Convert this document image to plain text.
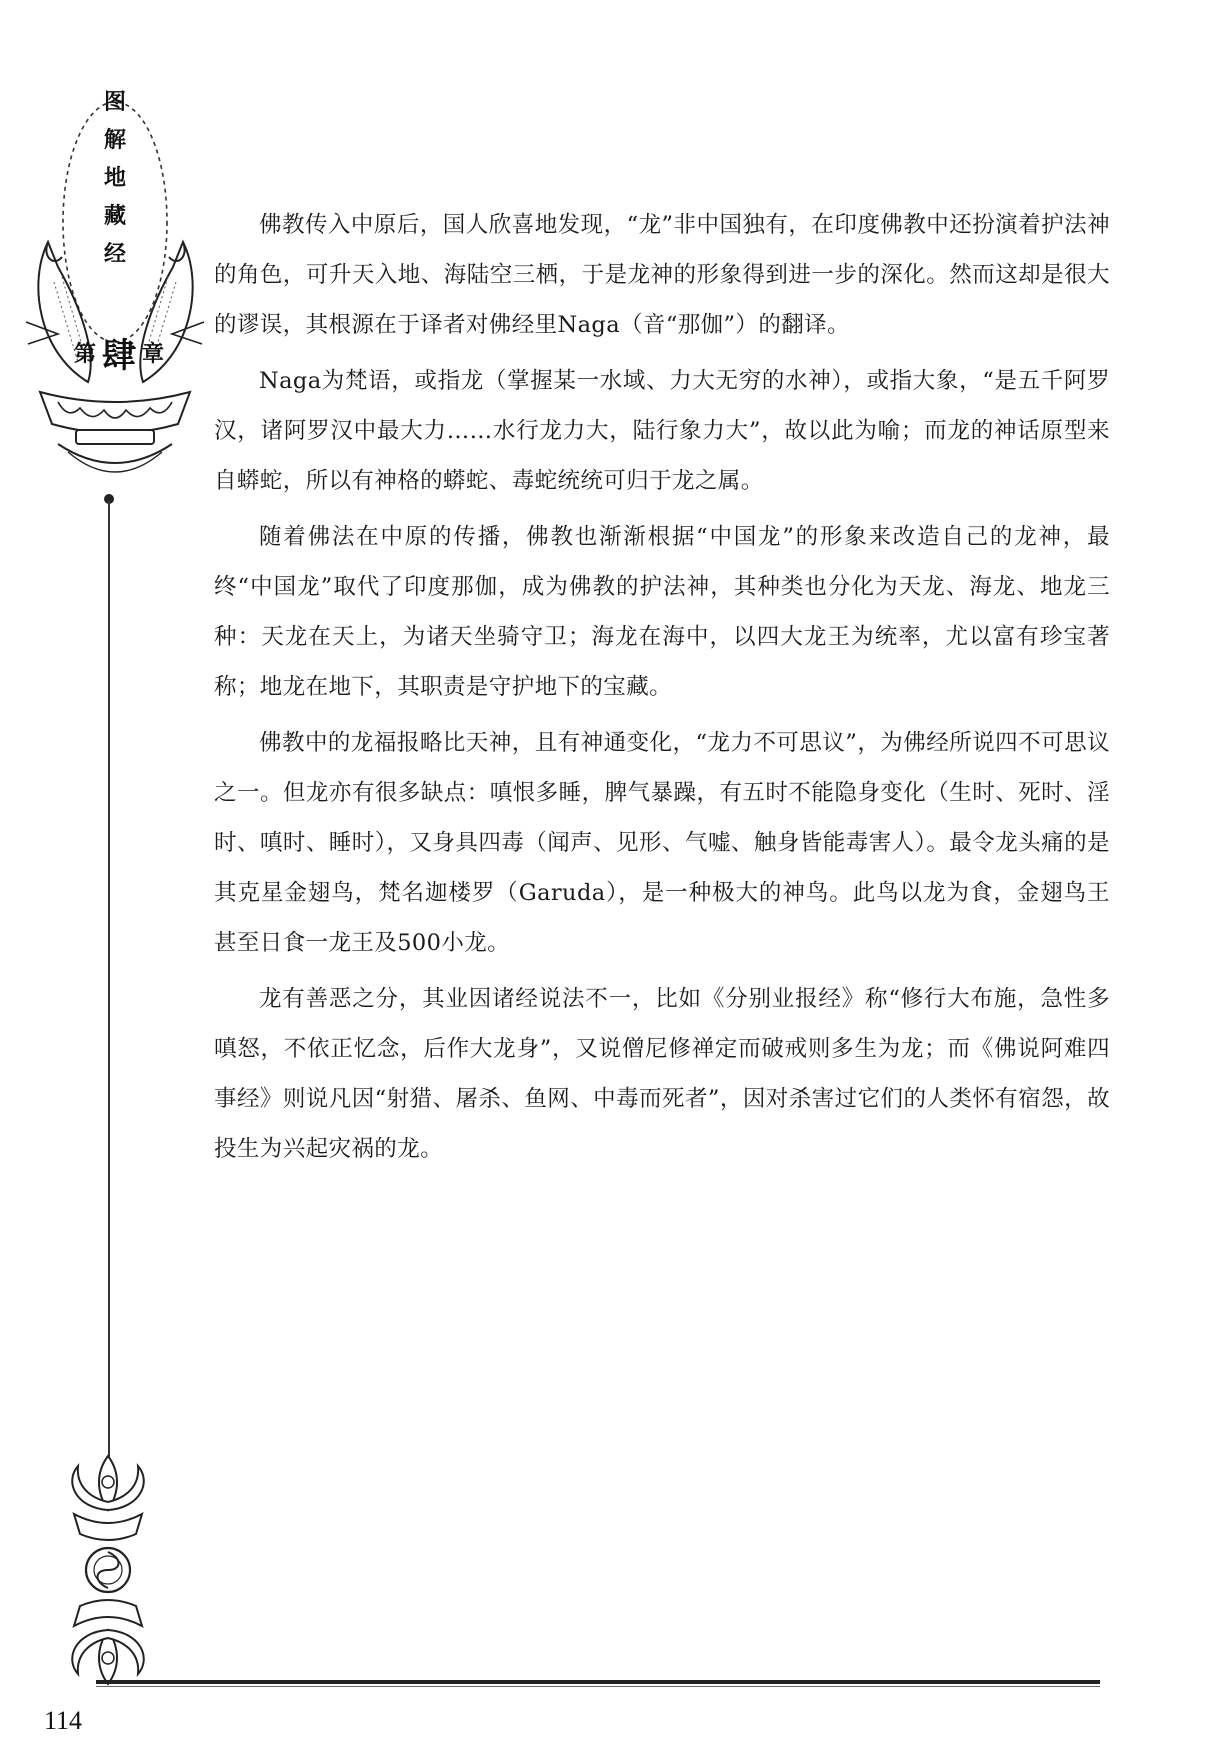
图
解
地
藏
经
第 肆 章

佛教传入中原后，国人欣喜地发现，“龙”非中国独有，在印度佛教中还扮演着护法神的角色，可升天入地、海陆空三栖，于是龙神的形象得到进一步的深化。然而这却是很大的谬误，其根源在于译者对佛经里Naga（音“那伽”）的翻译。

Naga为梵语，或指龙（掌握某一水域、力大无穷的水神），或指大象，“是五千阿罗汉，诸阿罗汉中最大力……水行龙力大，陆行象力大”，故以此为喻；而龙的神话原型来自蟒蛇，所以有神格的蟒蛇、毒蛇统统可归于龙之属。

随着佛法在中原的传播，佛教也渐渐根据“中国龙”的形象来改造自己的龙神，最终“中国龙”取代了印度那伽，成为佛教的护法神，其种类也分化为天龙、海龙、地龙三种：天龙在天上，为诸天坐骑守卫；海龙在海中，以四大龙王为统率，尤以富有珍宝著称；地龙在地下，其职责是守护地下的宝藏。

佛教中的龙福报略比天神，且有神通变化，“龙力不可思议”，为佛经所说四不可思议之一。但龙亦有很多缺点：嗔恨多睡，脾气暴躁，有五时不能隐身变化（生时、死时、淫时、嗔时、睡时），又身具四毒（闻声、见形、气嘘、触身皆能毒害人）。最令龙头痛的是其克星金翅鸟，梵名迦楼罗（Garuda），是一种极大的神鸟。此鸟以龙为食，金翅鸟王甚至日食一龙王及500小龙。

龙有善恶之分，其业因诸经说法不一，比如《分别业报经》称“修行大布施，急性多嗔怒，不依正忆念，后作大龙身”，又说僧尼修禅定而破戒则多生为龙；而《佛说阿难四事经》则说凡因“射猎、屠杀、鱼网、中毒而死者”，因对杀害过它们的人类怀有宿怨，故投生为兴起灾祸的龙。

114
